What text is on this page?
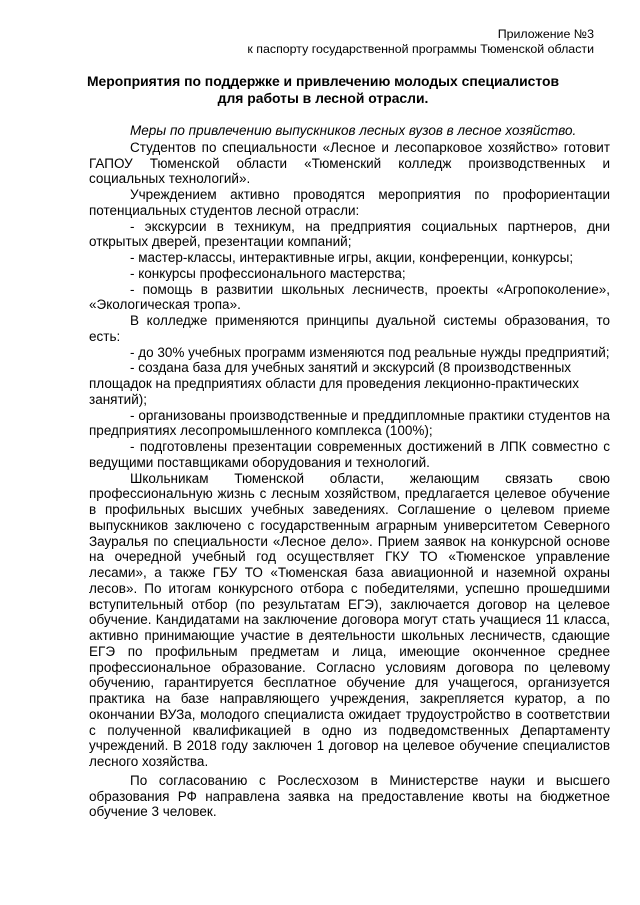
Приложение №3
к паспорту государственной программы Тюменской области
Мероприятия по поддержке и привлечению молодых специалистов
для работы в лесной отрасли.

Меры по привлечению выпускников лесных вузов в лесное хозяйство.

Студентов по специальности «Лесное и лесопарковое хозяйство» готовит ГАПОУ Тюменской области «Тюменский колледж производственных и социальных технологий».

Учреждением активно проводятся мероприятия по профориентации потенциальных студентов лесной отрасли:

- экскурсии в техникум, на предприятия социальных партнеров, дни открытых дверей, презентации компаний;

- мастер-классы, интерактивные игры, акции, конференции, конкурсы;

- конкурсы профессионального мастерства;

- помощь в развитии школьных лесничеств, проекты «Агропоколение», «Экологическая тропа».

В колледже применяются принципы дуальной системы образования, то есть:

- до 30% учебных программ изменяются под реальные нужды предприятий;

- создана база для учебных занятий и экскурсий (8 производственных площадок на предприятиях области для проведения лекционно-практических занятий);

- организованы производственные и преддипломные практики студентов на предприятиях лесопромышленного комплекса (100%);

- подготовлены презентации современных достижений в ЛПК совместно с ведущими поставщиками оборудования и технологий.

Школьникам Тюменской области, желающим связать свою профессиональную жизнь с лесным хозяйством, предлагается целевое обучение в профильных высших учебных заведениях. Соглашение о целевом приеме выпускников заключено с государственным аграрным университетом Северного Зауралья по специальности «Лесное дело». Прием заявок на конкурсной основе на очередной учебный год осуществляет ГКУ ТО «Тюменское управление лесами», а также ГБУ ТО «Тюменская база авиационной и наземной охраны лесов». По итогам конкурсного отбора с победителями, успешно прошедшими вступительный отбор (по результатам ЕГЭ), заключается договор на целевое обучение. Кандидатами на заключение договора могут стать учащиеся 11 класса, активно принимающие участие в деятельности школьных лесничеств, сдающие ЕГЭ по профильным предметам и лица, имеющие оконченное среднее профессиональное образование. Согласно условиям договора по целевому обучению, гарантируется бесплатное обучение для учащегося, организуется практика на базе направляющего учреждения, закрепляется куратор, а по окончании ВУЗа, молодого специалиста ожидает трудоустройство в соответствии с полученной квалификацией в одно из подведомственных Департаменту учреждений. В 2018 году заключен 1 договор на целевое обучение специалистов лесного хозяйства.

По согласованию с Рослесхозом в Министерстве науки и высшего образования РФ направлена заявка на предоставление квоты на бюджетное обучение 3 человек.
